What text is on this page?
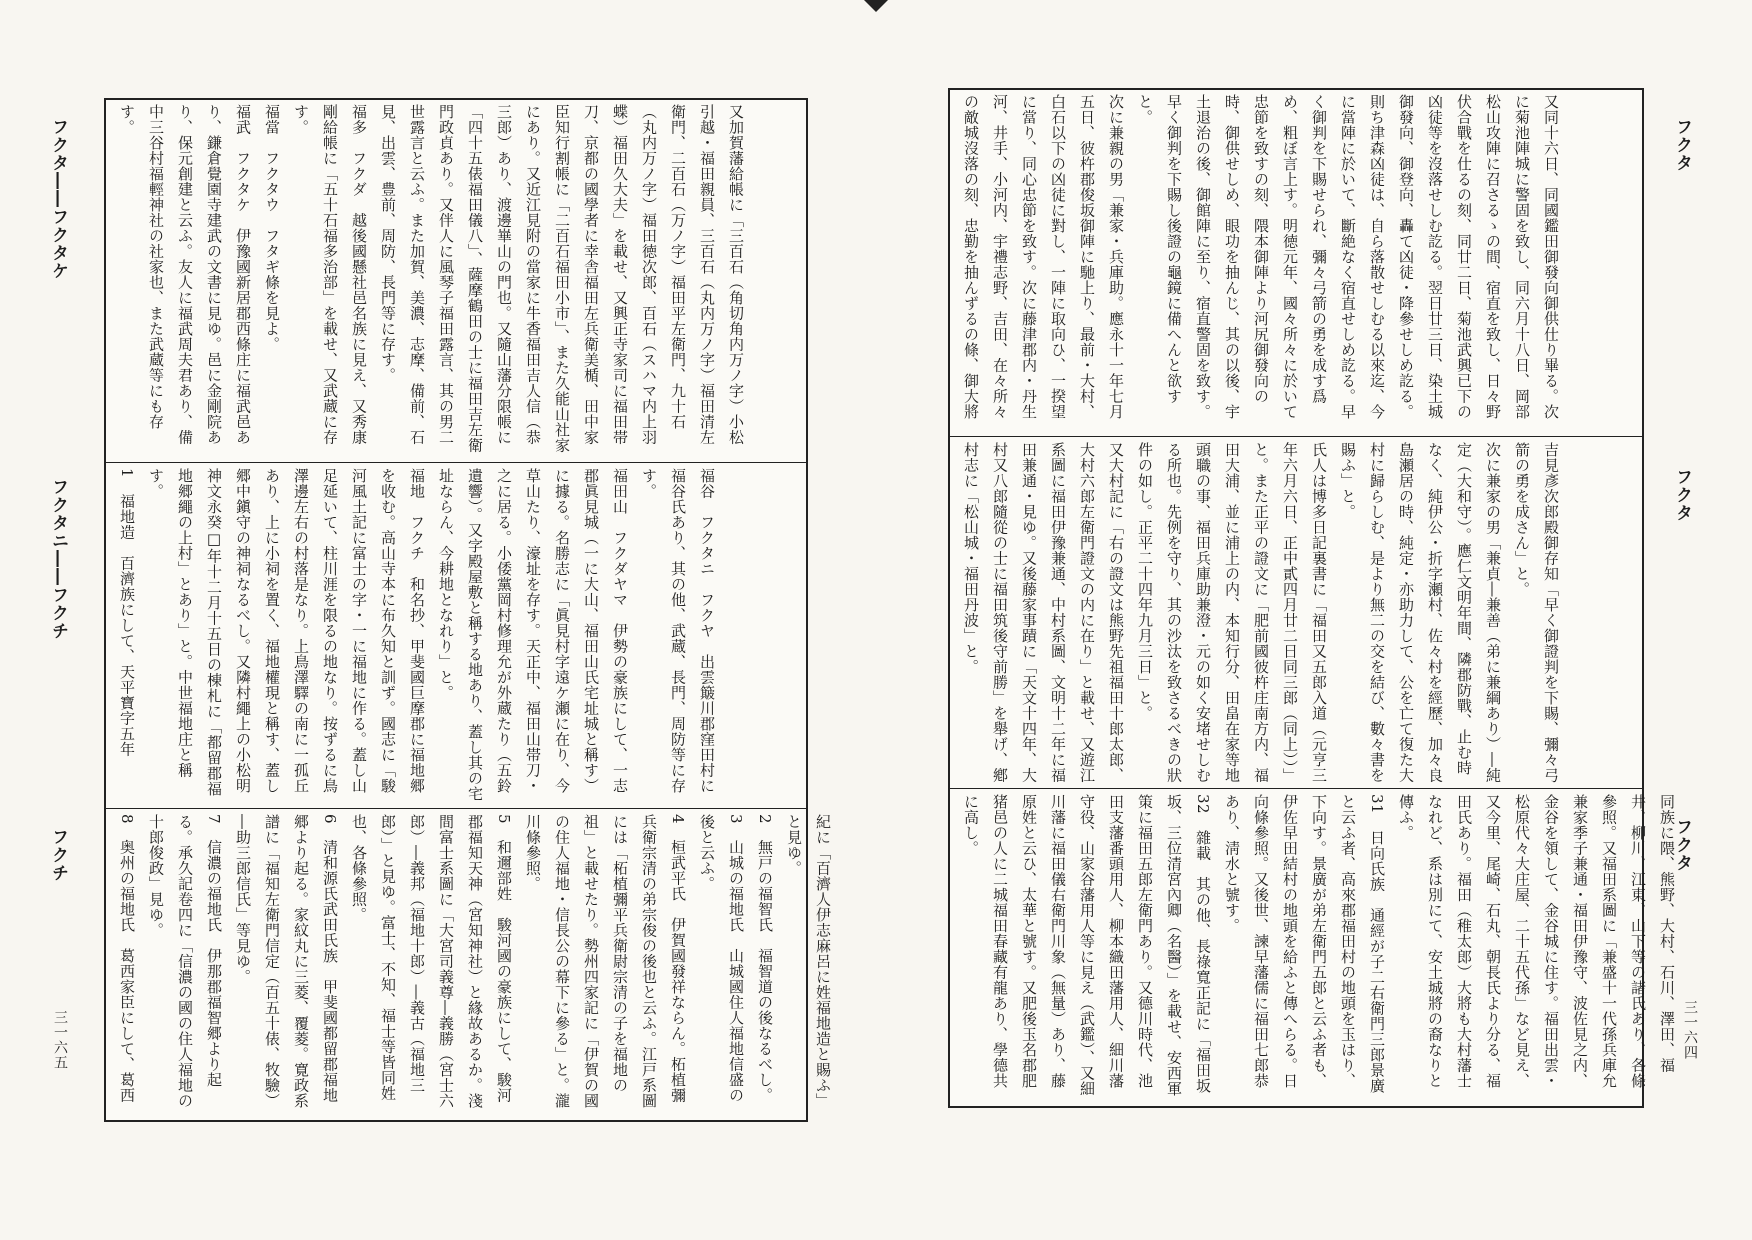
又加賀藩給帳に「三百石（角切角内万ノ字）小松引越・福田親員、三百石（丸内万ノ字）福田清左衛門、二百石（万ノ字）福田平左衛門、九十石（丸内万ノ字）福田徳次郎、百石（スハマ内上羽蝶）福田久大夫」を載せ、又興正寺家司に福田帯刀、京都の國學者に幸舎福田左兵衛美楯、田中家臣知行割帳に「二百石福田小市」、また久能山社家にあり。又近江見附の當家に牛香福田吉人信（恭三郎）あり、渡邊崋山の門也。又隨山藩分限帳に「四十五俵福田儀八」、薩摩鶴田の士に福田吉左衛門政貞あり。又伴人に風琴子福田露言、其の男二世露言と云ふ。また加賀、美濃、志摩、備前、石見、出雲、豊前、周防、長門等に存す。
福多　フクダ　越後國懸社邑名族に見え、又秀康剛給帳に「五十石福多治部」を載せ、又武蔵に存す。
福當　フクタウ　フタギ條を見よ。
福武　フクタケ　伊豫國新居郡西條庄に福武邑あり、鎌倉覺園寺建武の文書に見ゆ。邑に金剛院あり、保元創建と云ふ。友人に福武周夫君あり、備中三谷村福輕神社の社家也、また武蔵等にも存す。
福谷　フクタニ　フクヤ　出雲簸川郡窪田村に福谷氏あり、其の他、武蔵、長門、周防等に存す。
福田山　フクダヤマ　伊勢の豪族にして、一志郡眞見城（一に大山、福田山氏宅址城と稱す）に據る。名勝志に「眞見村字遠ケ瀬に在り、今草山たり、濠址を存す。天正中、福田山帯刀・之に居る。小倭黨岡村修理允が外蔵たり（五鈴遺響）。又字殿屋敷と稱する地あり、蓋し其の宅址ならん、今耕地となれり」と。
福地　フクチ　和名抄、甲斐國巨摩郡に福地郷を收む。高山寺本に布久知と訓ず。國志に「駿河風土記に富士の字・一に福地に作る。蓋し山足延いて、柱川涯を限るの地なり。按ずるに鳥澤邊左右の村落是なり。上鳥澤驛の南に一孤丘あり、上に小祠を置く、福地權現と稱す、蓋し郷中鎭守の神祠なるべし。又隣村繩上の小松明神文永癸□年十二月十五日の棟札に「都留郡福地郷繩の上村」とあり」と。中世福地庄と稱す。
1　福地造　百濟族にして、天平寶字五年
紀に「百濟人伊志麻呂に姓福地造と賜ふ」と見ゆ。
2　無戸の福智氏　福智道の後なるべし。
3　山城の福地氏　山城國住人福地信盛の後と云ふ。
4　桓武平氏　伊賀國發祥ならん。柘植彌兵衛宗清の弟宗俊の後也と云ふ。江戸系圖には「柘植彌平兵衛尉宗清の子を福地の祖」と載せたり。勢州四家記に「伊賀の國の住人福地・信長公の幕下に參る」と。瀧川條參照。
5　和邇部姓　駿河國の豪族にして、駿河郡福知天神（宮知神社）と緣故あるか。淺間富士系圖に「大宮司義尊―義勝（宮士六郎）―義邦（福地十郎）―義古（福地三郎）」と見ゆ。富士、不知、福士等皆同姓也、各條參照。
6　清和源氏武田氏族　甲斐國都留郡福地郷より起る。家紋丸に三菱、覆菱。寛政系譜に「福知左衛門信定（百五十俵、牧驗）―助三郎信氏」等見ゆ。
7　信濃の福地氏　伊那郡福智郷より起る。承久記卷四に「信濃の國の住人福地の十郎俊政」見ゆ。
8　奥州の福地氏　葛西家臣にして、葛西
フクタ――フクタケ
フクタニ――フクチ
フクチ
三一六五
又同十六日、同國鑑田御發向御供仕り畢る。次に菊池陣城に警固を致し、同六月十八日、岡部松山攻陣に召さるゝの間、宿直を致し、日々野伏合戰を仕るの刻、同廿二日、菊池武興已下の凶徒等を沒落せしむ訖る。翌日廿三日、染土城御發向、御登向、轟て凶徒・降參せしめ訖る。則ち津森凶徒は、自ら落散せしむる以來迄、今に當陣に於いて、斷絶なく宿直せしめ訖る。早く御判を下賜せられ、彌々弓箭の勇を成す爲め、粗ぼ言上す。明徳元年、國々所々に於いて忠節を致すの刻、隈本御陣より河尻御發向の時、御供せしめ、眼功を抽んじ、其の以後、宇土退治の後、御館陣に至り、宿直警固を致す。早く御判を下賜し後證の龜鏡に備へんと欲すと。
次に兼親の男「兼家・兵庫助。應永十一年七月五日、彼杵郡俊坂御陣に馳上り、最前・大村、白石以下の凶徒に對し、一陣に取向ひ、一揆望に當り、同心忠節を致す。次に藤津郡内・丹生河、井手、小河内、宇禮志野、吉田、在々所々の敵城沒落の刻、忠勤を抽んずるの條、御大將
吉見彥次郎殿御存知「早く御證判を下賜、彌々弓箭の勇を成さん」と。
次に兼家の男「兼貞―兼善（弟に兼綱あり）―純定（大和守）。應仁文明年間、隣郡防戰、止む時なく、純伊公・折字瀬村、佐々村を經歷、加々良島瀬居の時、純定・亦助力して、公を亡て復た大村に歸らしむ、是より無二の交を結び、數々書を賜ふ」と。
氏人は博多日記裏書に「福田又五郎入道（元亨三年六月六日、正中貳四月廿二日同三郎（同上））」と。また正平の證文に「肥前國彼杵庄南方内、福田大浦、並に浦上の内、本知行分、田畠在家等地頭職の事、福田兵庫助兼澄・元の如く安堵せしむる所也。先例を守り、其の沙汰を致さるべきの狀件の如し。正平二十四年九月三日」と。
又大村記に「右の證文は熊野先祖福田十郎太郎、大村六郎左衛門證文の内に在り」と載せ、又遊江系圖に福田伊豫兼通、中村系圖、文明十二年に福田兼通・見ゆ。又後藤家事蹟に「天文十四年、大村又八郎隨從の士に福田筑後守前勝」を舉げ、鄕村志に「松山城・福田丹波」と。
同族に隈、熊野、大村、石川、澤田、福井、柳川、江東、山下等の諸氏あり、各條參照。又福田系圖に「兼盛十一代孫兵庫允兼家季子兼通・福田伊豫守、波佐見之内、金谷を領して、金谷城に住す。福田出雲・松原代々大庄屋、二十五代孫」など見え、又今里、尾崎、石丸、朝長氏より分る、福田氏あり。福田（稚太郎）大將も大村藩士なれど、系は別にて、安土城將の裔なりと傳ふ。
31　日向氏族　通經が子二右衛門三郎景廣と云ふ者、高來郡福田村の地頭を玉はり、下向す。景廣が弟左衛門五郎と云ふ者も、伊佐早田結村の地頭を給ふと傳へらる。日向條參照。又後世、諫早藩儒に福田七郎恭あり、淸水と號す。
32　雜載　其の他、長祿寬正記に「福田坂坂、三位清宮內卿（名醫）」を載せ、安西軍策に福田五郎左衛門あり。又德川時代、池田支藩番頭用人、柳本織田藩用人、細川藩守役、山家谷藩用人等に見え（武鑑）、又細川藩に福田儀右衛門川象（無量）あり、藤原姓と云ひ、太華と號す。又肥後玉名郡肥猪邑の人に二城福田春藏有龍あり、學德共に高し。
フクタ
フクタ
フクタ
三一六四
